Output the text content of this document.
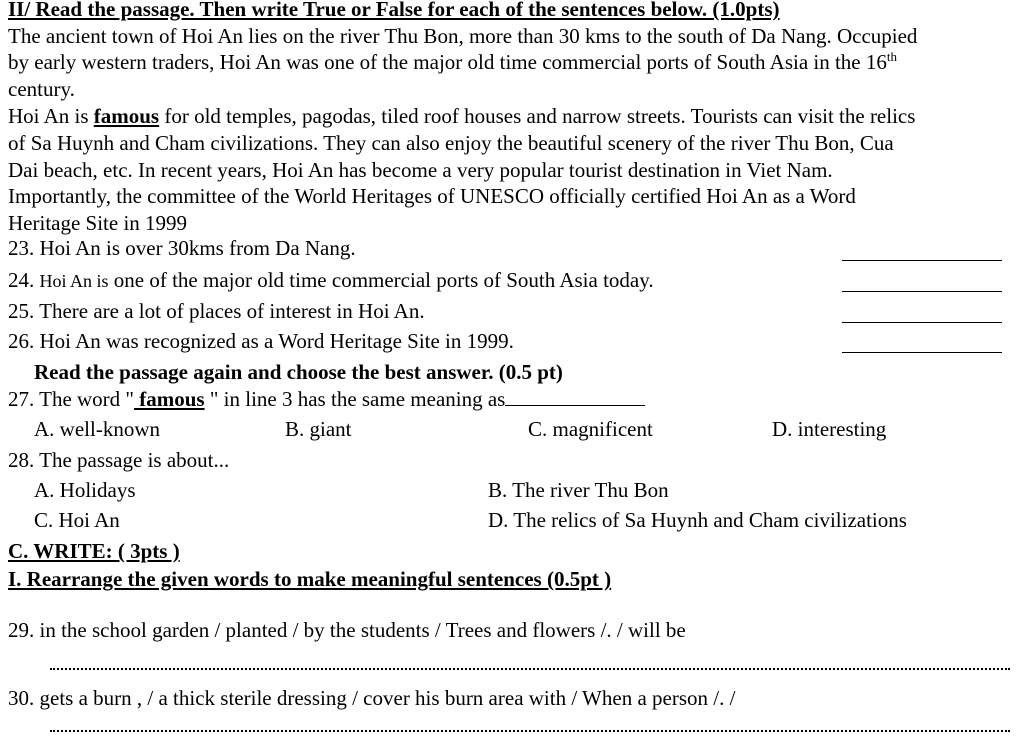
II/ Read the passage. Then write True or False for each of the sentences below. (1.0pts)
The ancient town of Hoi An lies on the river Thu Bon, more than 30 kms to the south of Da Nang. Occupied
by early western traders, Hoi An was one of the major old time commercial ports of South Asia in the 16th
century.
Hoi An is famous for old temples, pagodas, tiled roof houses and narrow streets. Tourists can visit the relics
of Sa Huynh and Cham civilizations. They can also enjoy the beautiful scenery of the river Thu Bon, Cua
Dai beach, etc. In recent years, Hoi An has become a very popular tourist destination in Viet Nam.
Importantly, the committee of the World Heritages of UNESCO officially certified Hoi An as a Word
Heritage Site in 1999
23. Hoi An is over 30kms from Da Nang.
24. Hoi An is one of the major old time commercial ports of South Asia today.
25. There are a lot of places of interest in Hoi An.
26. Hoi An was recognized as a Word Heritage Site in 1999.
Read the passage again and choose the best answer. (0.5 pt)
27. The word " famous " in line 3 has the same meaning as
A. well-known	B. giant	C. magnificent	D. interesting
28. The passage is about...
A. Holidays	B. The river Thu Bon
C. Hoi An	D. The relics of Sa Huynh and Cham civilizations
C. WRITE: ( 3pts )
I. Rearrange the given words to make meaningful sentences (0.5pt )
29. in the school garden / planted / by the students / Trees and flowers /. / will be
30. gets a burn , / a thick sterile dressing / cover his burn area with / When a person /. /
